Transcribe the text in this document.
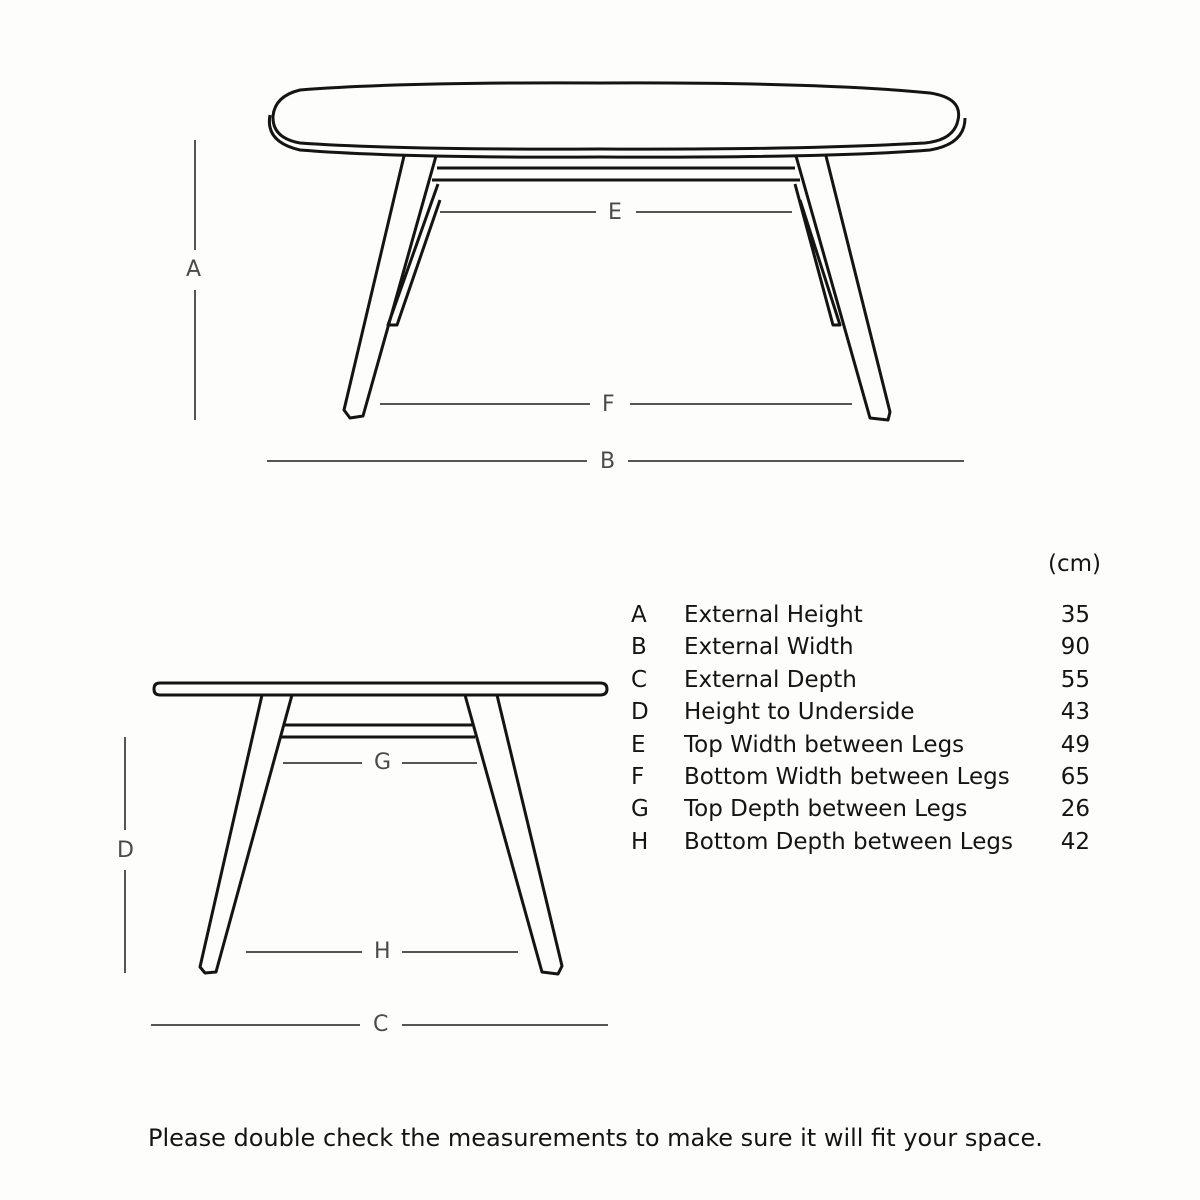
A
E
F
B
D
G
H
C
(cm)
A External Height	35
B External Width	90
C External Depth	55
D Height to Underside	43
E Top Width between Legs	49
F Bottom Width between Legs 65
G Top Depth between Legs	26
H Bottom Depth between Legs 42
Please double check the measurements to make sure it will fit your space.
